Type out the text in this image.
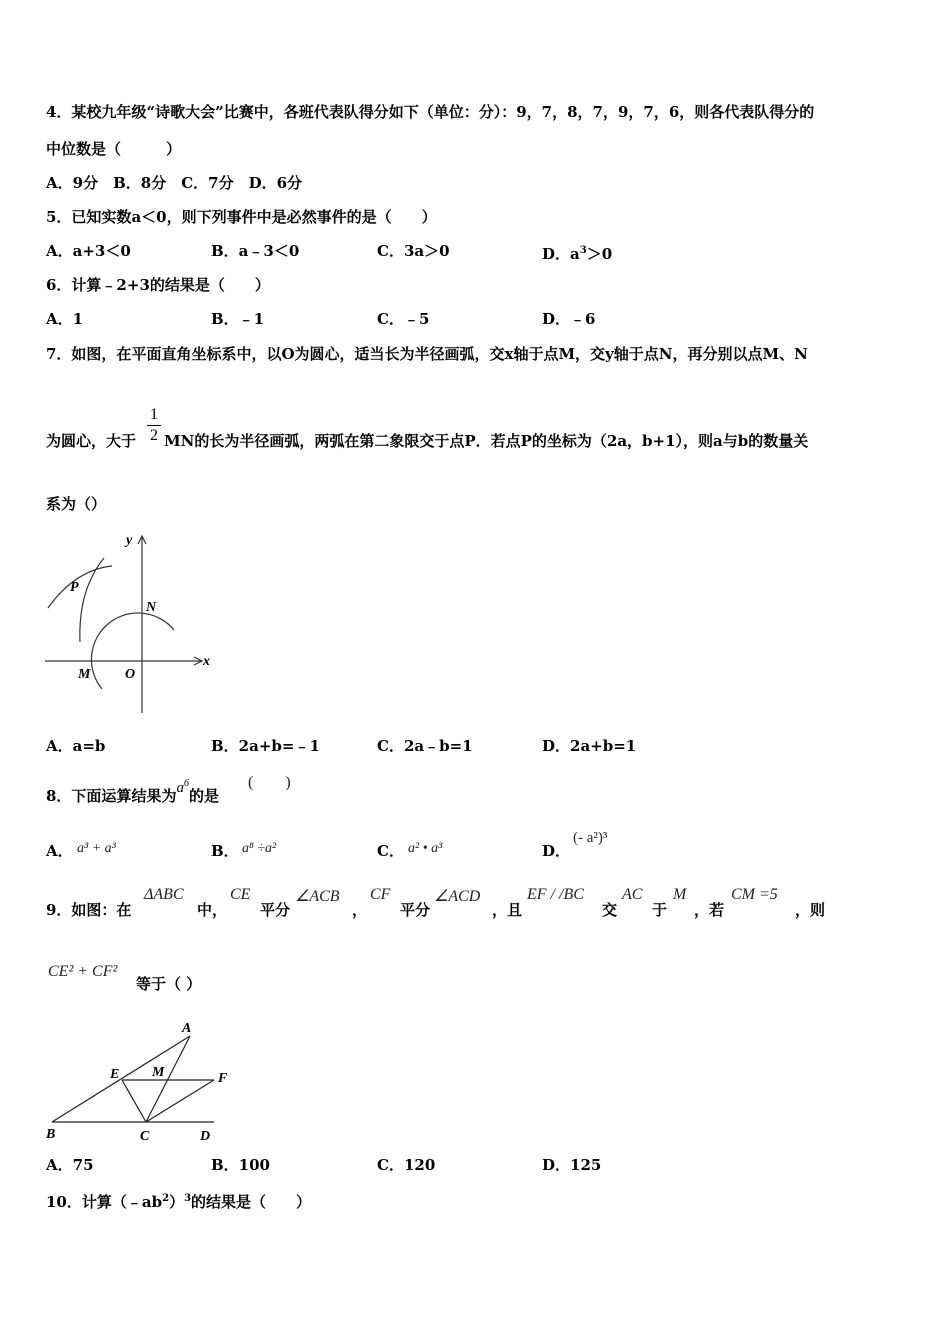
4．某校九年级“诗歌大会”比赛中，各班代表队得分如下（单位：分）：9，7，8，7，9，7，6，则各代表队得分的
中位数是（　　　）
A．9分　B．8分　C．7分　D．6分
5．已知实数a＜0，则下列事件中是必然事件的是（　　）
A．a+3＜0	B．a﹣3＜0	C．3a＞0	D．$a^3>0$
6．计算﹣2+3的结果是（　　）
A．1	B．﹣1	C．﹣5	D．﹣6
7．如图，在平面直角坐标系中，以O为圆心，适当长为半径画弧，交x轴于点M，交y轴于点N，再分别以点M、N
为圆心，大于
1
2 MN的长为半径画弧，两弧在第二象限交于点P．若点P的坐标为（2a，b+1），则a与b的数量关
系为（）
y
x
P
N
M O
A．a=b	B．2a+b=﹣1	C．2a﹣b=1	D．2a+b=1
8．下面运算结果为$a^6$的是
(　　)
A． a³ + a³	B． a⁸ ÷a²	C． a² • a³	D．
(- a²)³
9．如图：在
ΔABC
中，
CE
平分
∠ACB
，
CF
平分
∠ACD
，且
EF / /BC
交
AC
于
M
，若
CM =5
，则
CE² + CF²
等于（ ）
A
E M	F
B	C	D
A．75	B．100	C．120	D．125
10．计算$(﹣ab^2)^3$的结果是（　　）
